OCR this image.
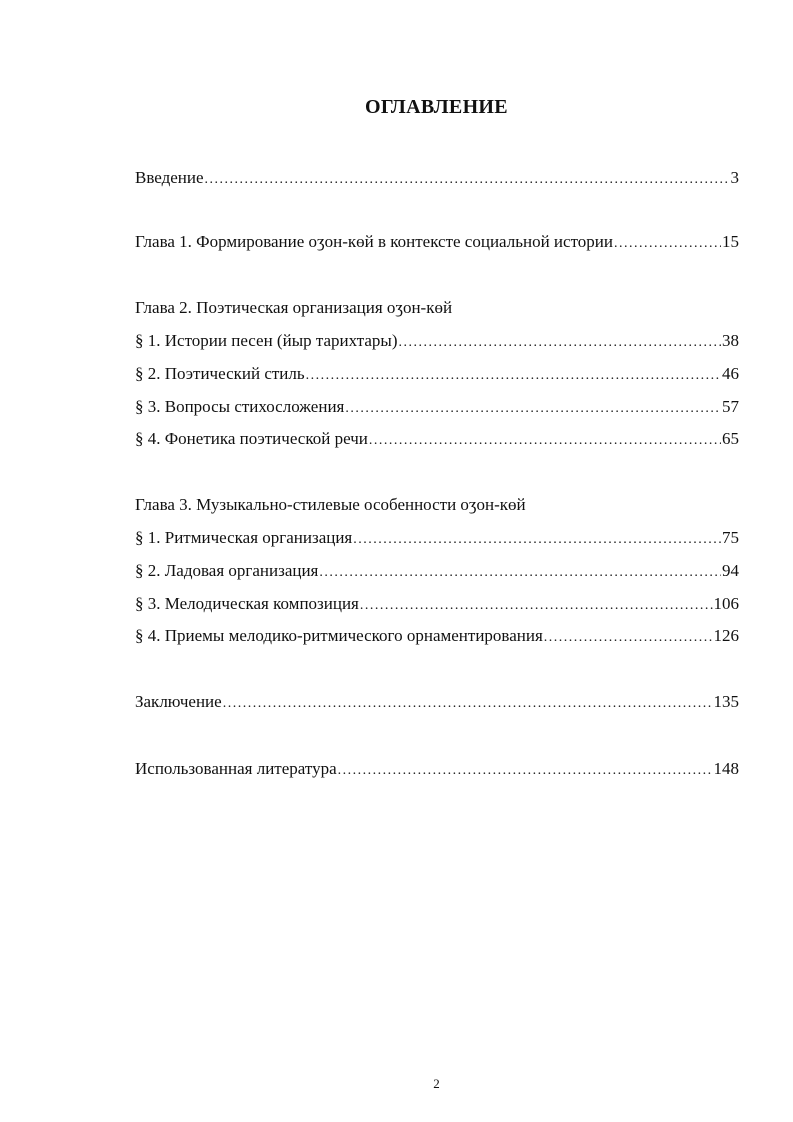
ОГЛАВЛЕНИЕ
Введение .....	3
Глава 1. Формирование оӡон-көй в контексте социальной истории .....	15
Глава 2. Поэтическая организация оӡон-көй
§ 1. Истории песен (йыр тарихтары) .....	38
§ 2. Поэтический стиль .....	46
§ 3. Вопросы стихосложения .....	57
§ 4. Фонетика поэтической речи .....	65
Глава 3. Музыкально-стилевые особенности оӡон-көй
§ 1. Ритмическая организация .....	75
§ 2. Ладовая организация .....	94
§ 3. Мелодическая композиция .....	106
§ 4. Приемы мелодико-ритмического орнаментирования .....	126
Заключение .....	135
Использованная литература .....	148
2
